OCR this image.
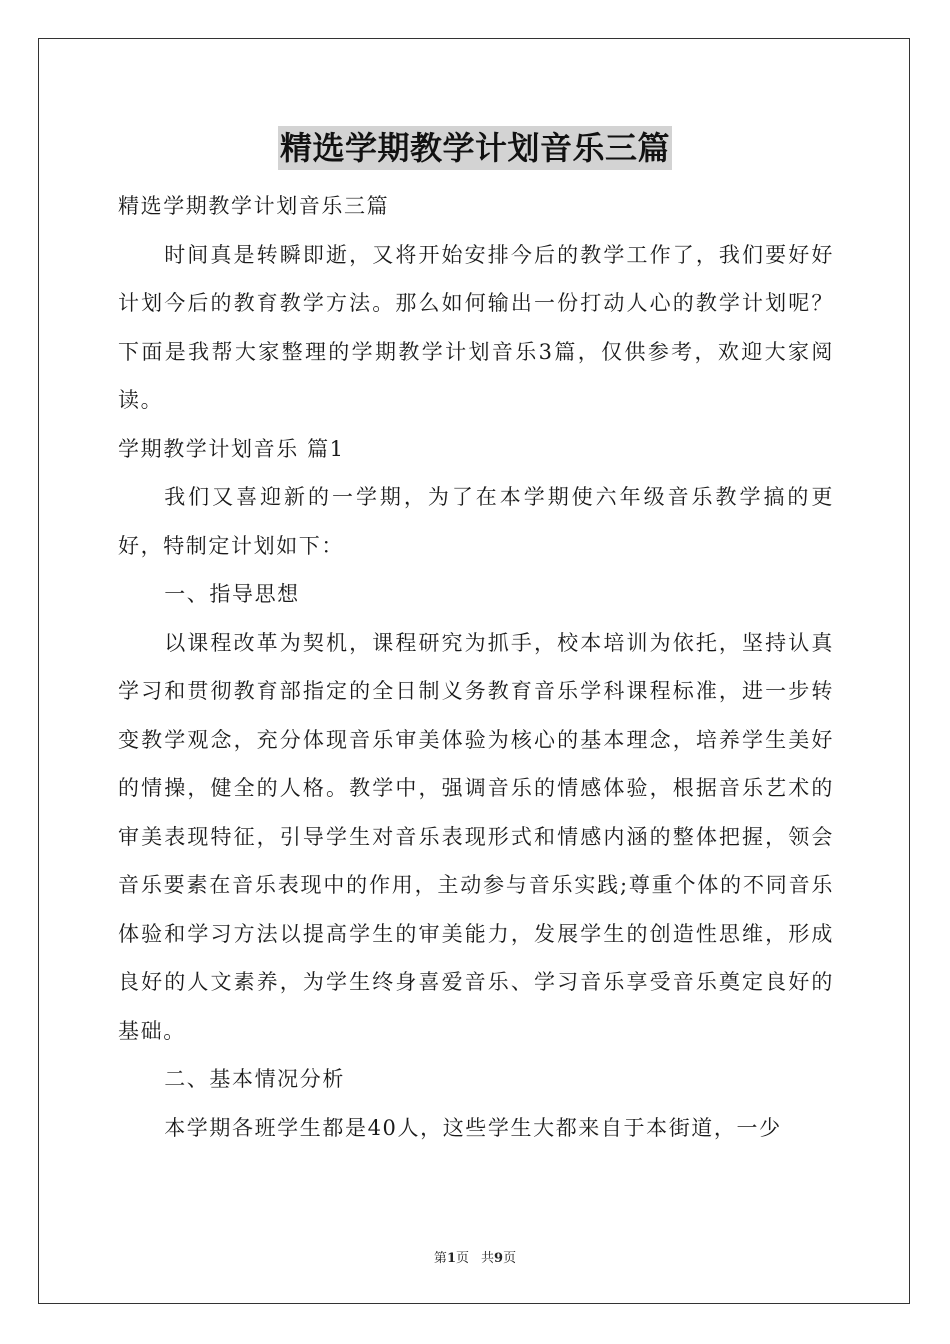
精选学期教学计划音乐三篇

精选学期教学计划音乐三篇

时间真是转瞬即逝，又将开始安排今后的教学工作了，我们要好好计划今后的教育教学方法。那么如何输出一份打动人心的教学计划呢？下面是我帮大家整理的学期教学计划音乐3篇，仅供参考，欢迎大家阅读。

学期教学计划音乐 篇1

我们又喜迎新的一学期，为了在本学期使六年级音乐教学搞的更好，特制定计划如下：

一、指导思想

以课程改革为契机，课程研究为抓手，校本培训为依托，坚持认真学习和贯彻教育部指定的全日制义务教育音乐学科课程标准，进一步转变教学观念，充分体现音乐审美体验为核心的基本理念，培养学生美好的情操，健全的人格。教学中，强调音乐的情感体验，根据音乐艺术的审美表现特征，引导学生对音乐表现形式和情感内涵的整体把握，领会音乐要素在音乐表现中的作用，主动参与音乐实践;尊重个体的不同音乐体验和学习方法以提高学生的审美能力，发展学生的创造性思维，形成良好的人文素养，为学生终身喜爱音乐、学习音乐享受音乐奠定良好的基础。

二、基本情况分析

本学期各班学生都是40人，这些学生大都来自于本街道，一少

第1页 共9页
